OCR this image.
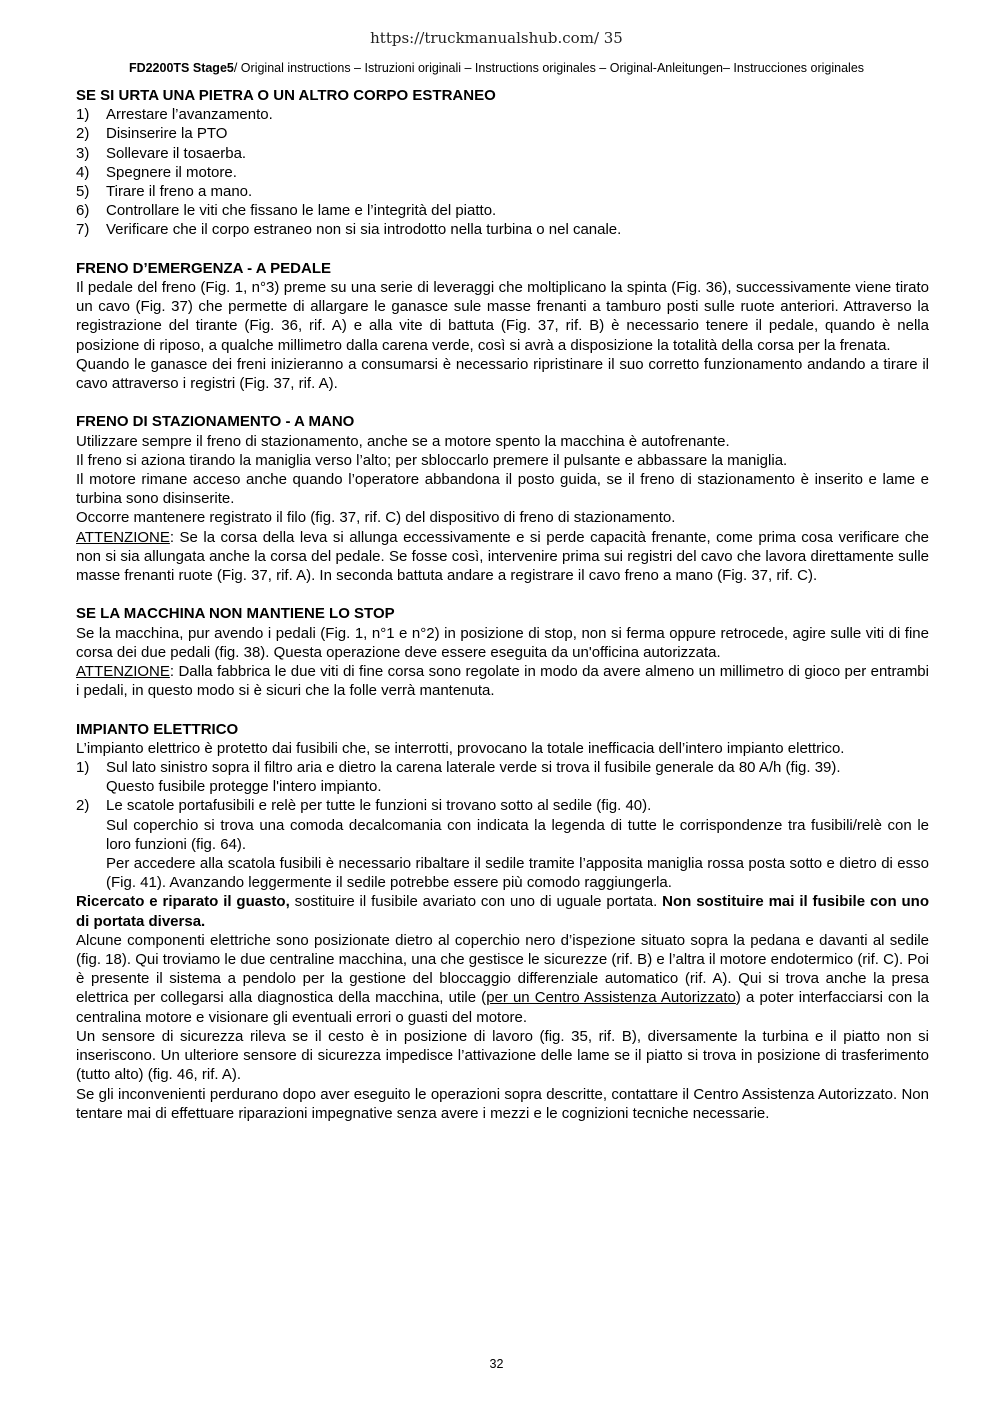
https://truckmanualshub.com/ 35
FD2200TS Stage5/ Original instructions – Istruzioni originali – Instructions originales – Original-Anleitungen– Instrucciones originales
SE SI URTA UNA PIETRA O UN ALTRO CORPO ESTRANEO
1)	Arrestare l’avanzamento.
2)	Disinserire la PTO
3)	Sollevare il tosaerba.
4)	Spegnere il motore.
5)	Tirare il freno a mano.
6)	Controllare le viti che fissano le lame e l’integrità del piatto.
7)	Verificare che il corpo estraneo non si sia introdotto nella turbina o nel canale.
FRENO D’EMERGENZA - A PEDALE

Il pedale del freno (Fig. 1, n°3) preme su una serie di leveraggi che moltiplicano la spinta (Fig. 36), successivamente viene tirato un cavo (Fig. 37) che permette di allargare le ganasce sule masse frenanti a tamburo posti sulle ruote anteriori. Attraverso la registrazione del tirante (Fig. 36, rif. A) e alla vite di battuta (Fig. 37, rif. B) è necessario tenere il pedale, quando è nella posizione di riposo, a qualche millimetro dalla carena verde, così si avrà a disposizione la totalità della corsa per la frenata.

Quando le ganasce dei freni inizieranno a consumarsi è necessario ripristinare il suo corretto funzionamento andando a tirare il cavo attraverso i registri (Fig. 37, rif. A).

FRENO DI STAZIONAMENTO - A MANO

Utilizzare sempre il freno di stazionamento, anche se a motore spento la macchina è autofrenante.

Il freno si aziona tirando la maniglia verso l’alto; per sbloccarlo premere il pulsante e abbassare la maniglia.

Il motore rimane acceso anche quando l’operatore abbandona il posto guida, se il freno di stazionamento è inserito e lame e turbina sono disinserite.

Occorre mantenere registrato il filo (fig. 37, rif. C) del dispositivo di freno di stazionamento.

ATTENZIONE: Se la corsa della leva si allunga eccessivamente e si perde capacità frenante, come prima cosa verificare che non si sia allungata anche la corsa del pedale. Se fosse così, intervenire prima sui registri del cavo che lavora direttamente sulle masse frenanti ruote (Fig. 37, rif. A). In seconda battuta andare a registrare il cavo freno a mano (Fig. 37, rif. C).

SE LA MACCHINA NON MANTIENE LO STOP

Se la macchina, pur avendo i pedali (Fig. 1, n°1 e n°2) in posizione di stop, non si ferma oppure retrocede, agire sulle viti di fine corsa dei due pedali (fig. 38). Questa operazione deve essere eseguita da un'officina autorizzata.

ATTENZIONE: Dalla fabbrica le due viti di fine corsa sono regolate in modo da avere almeno un millimetro di gioco per entrambi i pedali, in questo modo si è sicuri che la folle verrà mantenuta.

IMPIANTO ELETTRICO

L’impianto elettrico è protetto dai fusibili che, se interrotti, provocano la totale inefficacia dell’intero impianto elettrico.

1)	Sul lato sinistro sopra il filtro aria e dietro la carena laterale verde si trova il fusibile generale da 80 A/h (fig. 39).
Questo fusibile protegge l'intero impianto.
2)	Le scatole portafusibili e relè per tutte le funzioni si trovano sotto al sedile (fig. 40).
Sul coperchio si trova una comoda decalcomania con indicata la legenda di tutte le corrispondenze tra fusibili/relè con le loro funzioni (fig. 64).
Per accedere alla scatola fusibili è necessario ribaltare il sedile tramite l’apposita maniglia rossa posta sotto e dietro di esso (Fig. 41). Avanzando leggermente il sedile potrebbe essere più comodo raggiungerla.

Ricercato e riparato il guasto, sostituire il fusibile avariato con uno di uguale portata. Non sostituire mai il fusibile con uno di portata diversa.

Alcune componenti elettriche sono posizionate dietro al coperchio nero d’ispezione situato sopra la pedana e davanti al sedile (fig. 18). Qui troviamo le due centraline macchina, una che gestisce le sicurezze (rif. B) e l’altra il motore endotermico (rif. C). Poi è presente il sistema a pendolo per la gestione del bloccaggio differenziale automatico (rif. A). Qui si trova anche la presa elettrica per collegarsi alla diagnostica della macchina, utile (per un Centro Assistenza Autorizzato) a poter interfacciarsi con la centralina motore e visionare gli eventuali errori o guasti del motore.

Un sensore di sicurezza rileva se il cesto è in posizione di lavoro (fig. 35, rif. B), diversamente la turbina e il piatto non si inseriscono. Un ulteriore sensore di sicurezza impedisce l’attivazione delle lame se il piatto si trova in posizione di trasferimento (tutto alto) (fig. 46, rif. A).

Se gli inconvenienti perdurano dopo aver eseguito le operazioni sopra descritte, contattare il Centro Assistenza Autorizzato. Non tentare mai di effettuare riparazioni impegnative senza avere i mezzi e le cognizioni tecniche necessarie.

32
